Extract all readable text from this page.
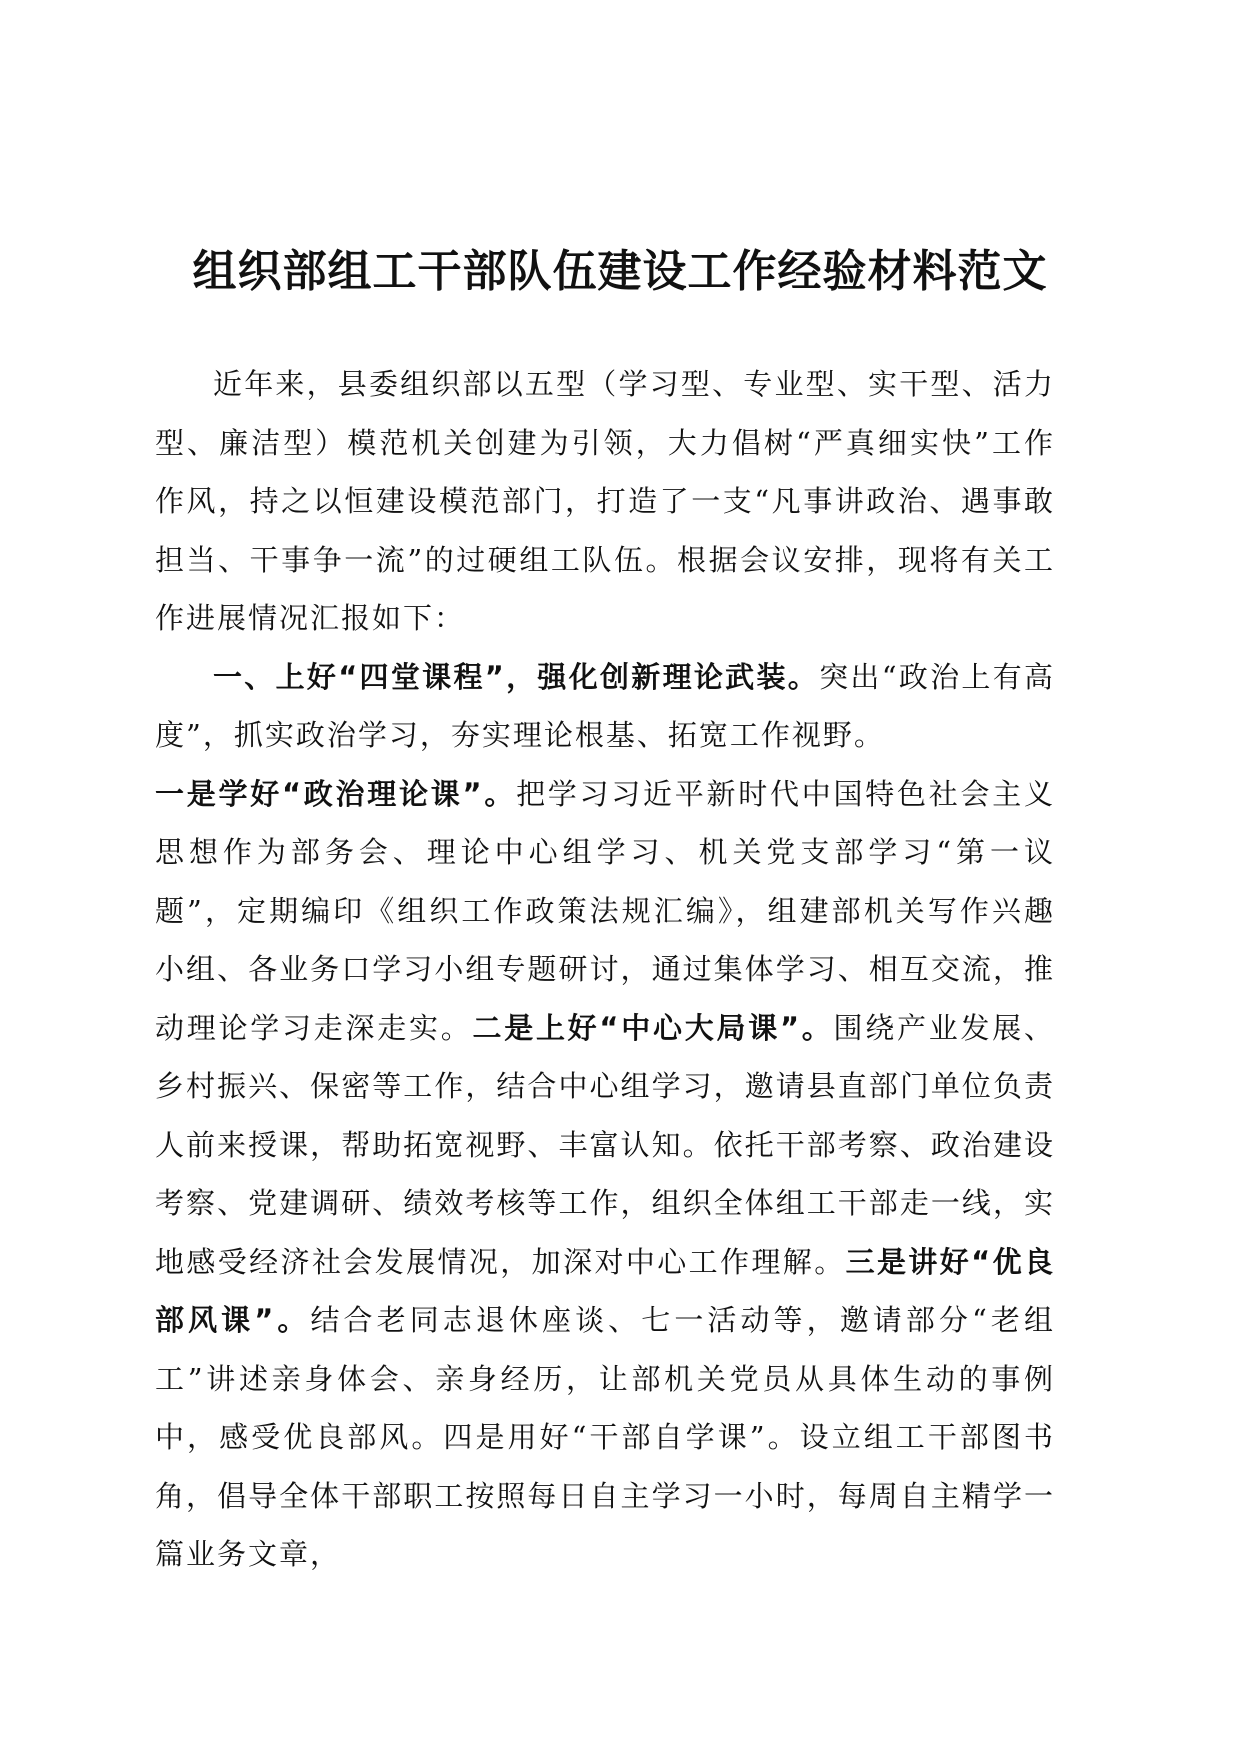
组织部组工干部队伍建设工作经验材料范文

近年来，县委组织部以五型（学习型、专业型、实干型、活力型、廉洁型）模范机关创建为引领，大力倡树“严真细实快”工作作风，持之以恒建设模范部门，打造了一支“凡事讲政治、遇事敢担当、干事争一流”的过硬组工队伍。根据会议安排，现将有关工作进展情况汇报如下：

一、上好“四堂课程”，强化创新理论武装。突出“政治上有高度”，抓实政治学习，夯实理论根基、拓宽工作视野。
一是学好“政治理论课”。把学习习近平新时代中国特色社会主义思想作为部务会、理论中心组学习、机关党支部学习“第一议题”，定期编印《组织工作政策法规汇编》，组建部机关写作兴趣小组、各业务口学习小组专题研讨，通过集体学习、相互交流，推动理论学习走深走实。二是上好“中心大局课”。围绕产业发展、乡村振兴、保密等工作，结合中心组学习，邀请县直部门单位负责人前来授课，帮助拓宽视野、丰富认知。依托干部考察、政治建设考察、党建调研、绩效考核等工作，组织全体组工干部走一线，实地感受经济社会发展情况，加深对中心工作理解。三是讲好“优良部风课”。结合老同志退休座谈、七一活动等，邀请部分“老组工”讲述亲身体会、亲身经历，让部机关党员从具体生动的事例中，感受优良部风。四是用好“干部自学课”。设立组工干部图书角，倡导全体干部职工按照每日自主学习一小时，每周自主精学一篇业务文章，
